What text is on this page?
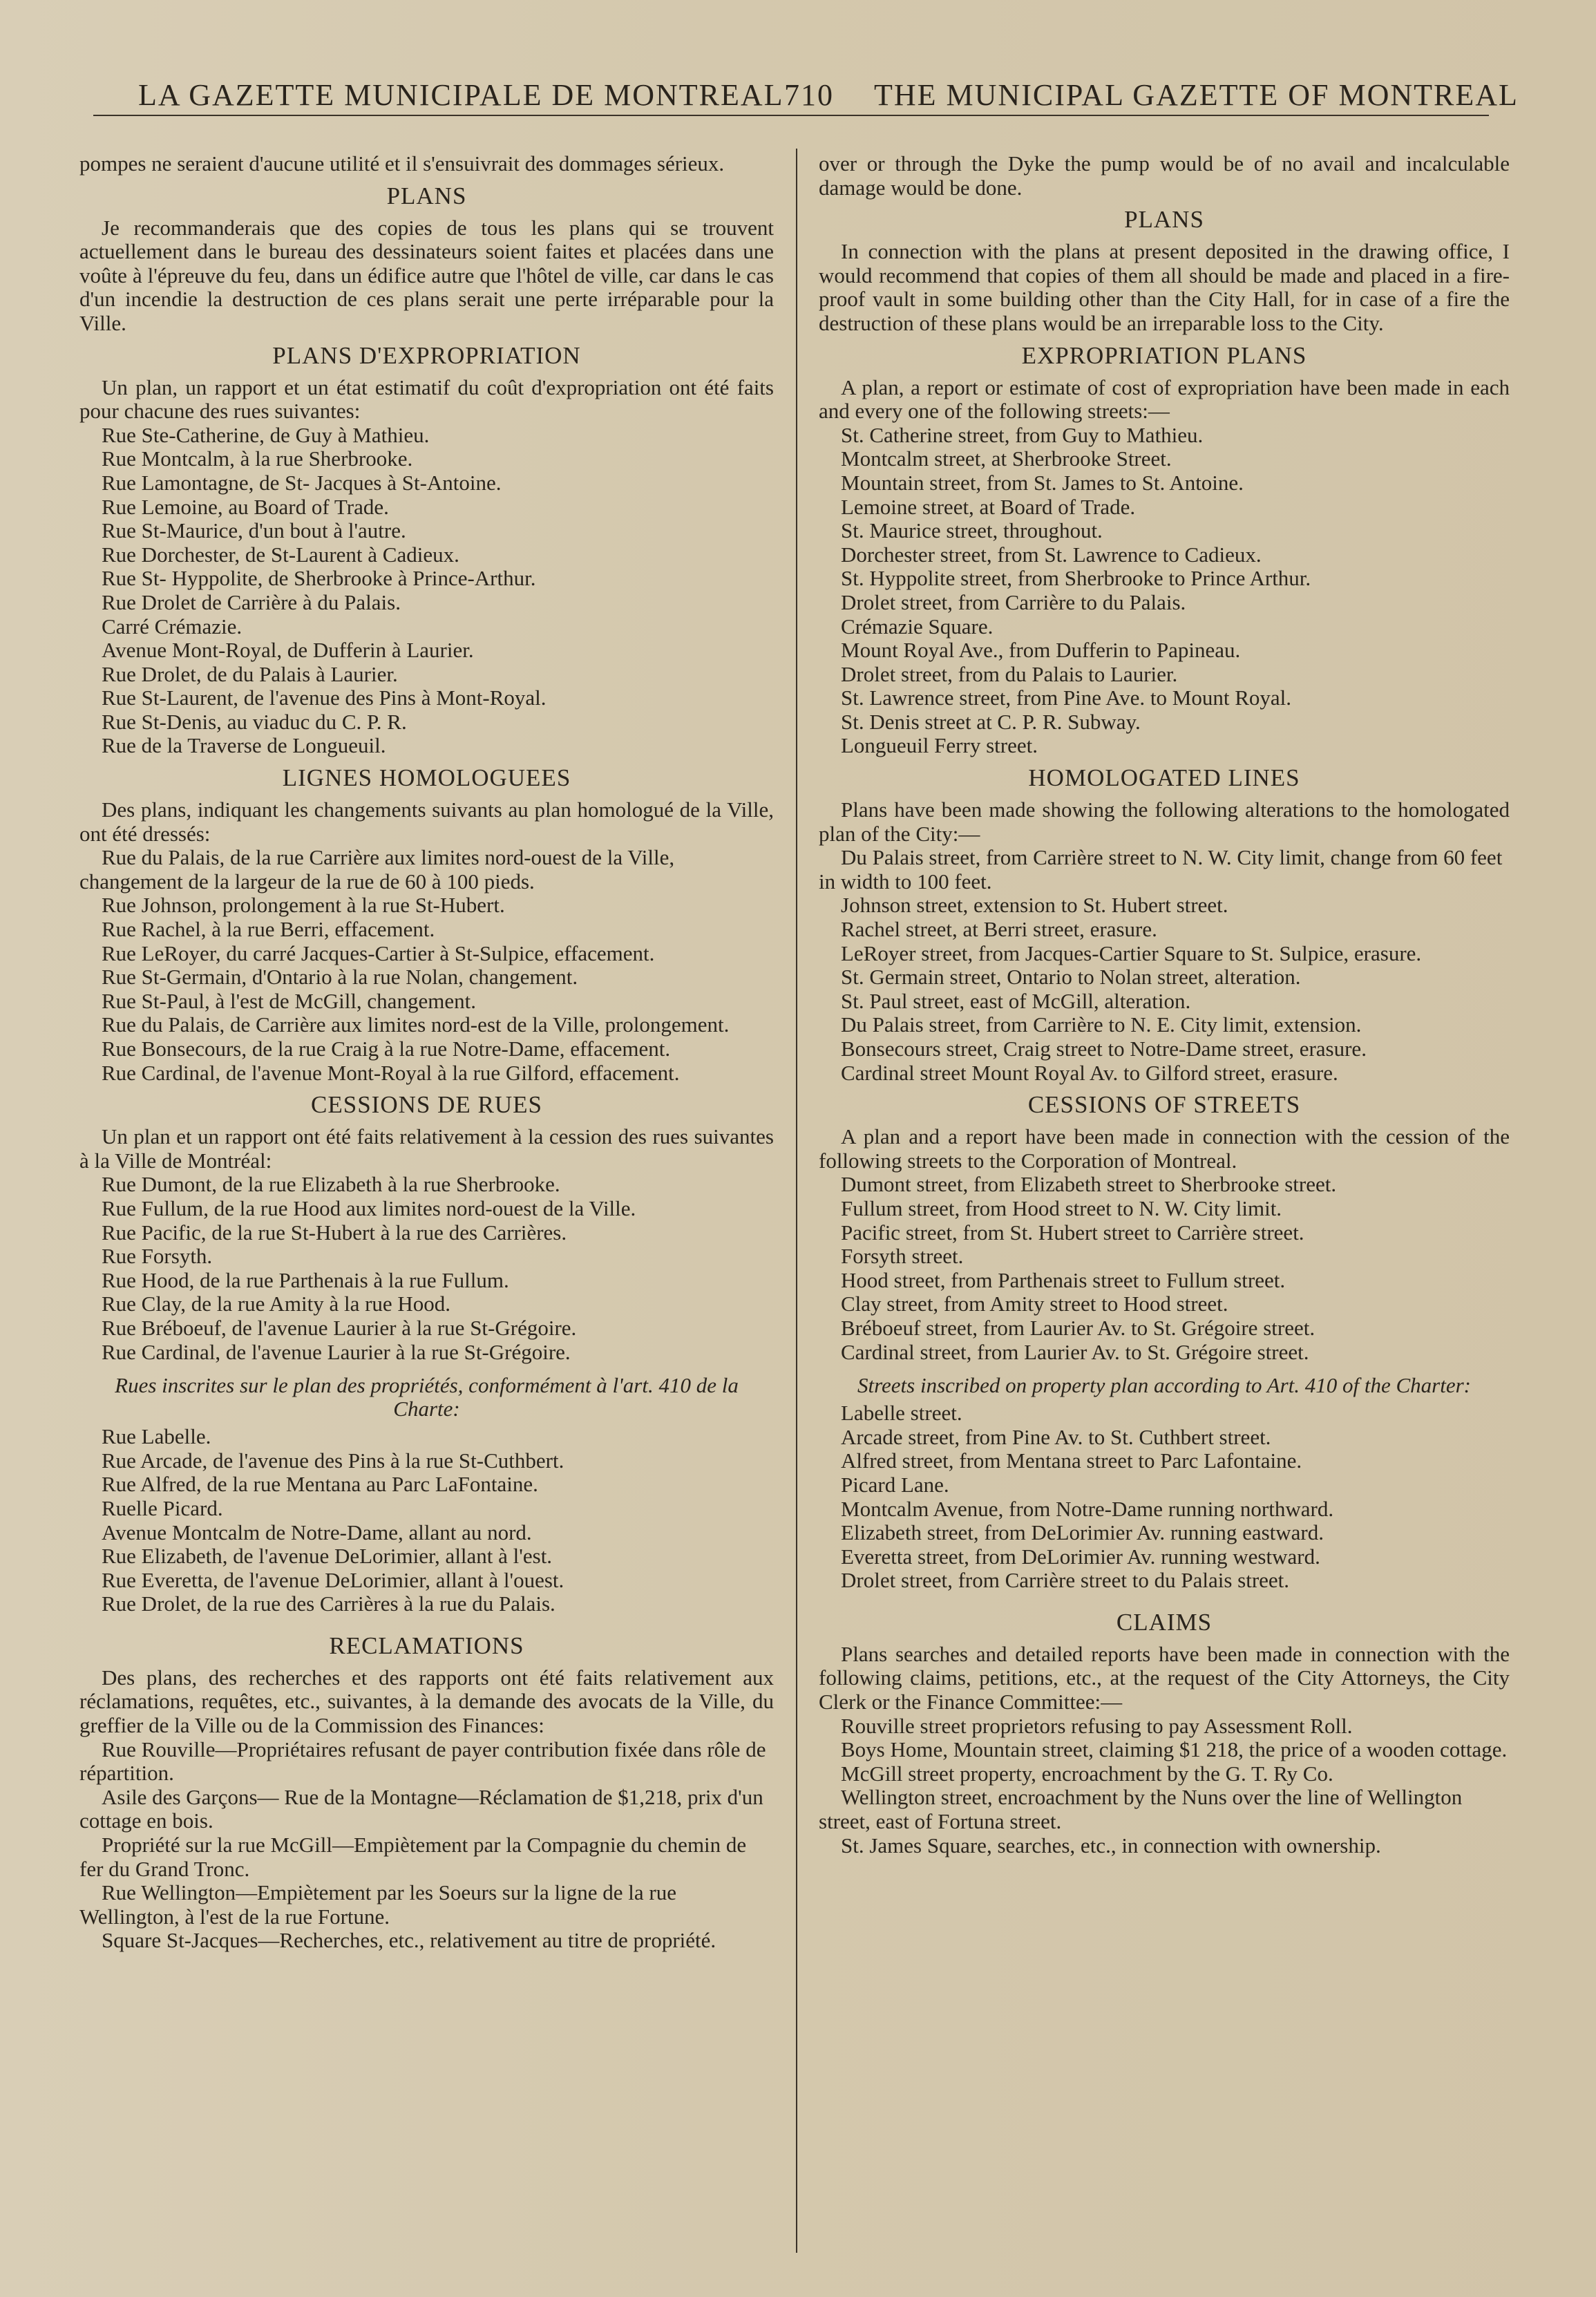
LA GAZETTE MUNICIPALE DE MONTREAL 710 THE MUNICIPAL GAZETTE OF MONTREAL

pompes ne seraient d'aucune utilité et il s'ensuivrait des dommages sérieux.

PLANS

Je recommanderais que des copies de tous les plans qui se trouvent actuellement dans le bureau des dessinateurs soient faites et placées dans une voûte à l'épreuve du feu, dans un édifice autre que l'hôtel de ville, car dans le cas d'un incendie la destruction de ces plans serait une perte irréparable pour la Ville.

PLANS D'EXPROPRIATION

Un plan, un rapport et un état estimatif du coût d'expropriation ont été faits pour chacune des rues suivantes:

Rue Ste-Catherine, de Guy à Mathieu.
Rue Montcalm, à la rue Sherbrooke.
Rue Lamontagne, de St- Jacques à St-Antoine.
Rue Lemoine, au Board of Trade.
Rue St-Maurice, d'un bout à l'autre.
Rue Dorchester, de St-Laurent à Cadieux.
Rue St- Hyppolite, de Sherbrooke à Prince-Arthur.
Rue Drolet de Carrière à du Palais.
Carré Crémazie.
Avenue Mont-Royal, de Dufferin à Laurier.
Rue Drolet, de du Palais à Laurier.
Rue St-Laurent, de l'avenue des Pins à Mont-Royal.
Rue St-Denis, au viaduc du C. P. R.
Rue de la Traverse de Longueuil.
LIGNES HOMOLOGUEES

Des plans, indiquant les changements suivants au plan homologué de la Ville, ont été dressés:

Rue du Palais, de la rue Carrière aux limites nord-ouest de la Ville, changement de la largeur de la rue de 60 à 100 pieds.
Rue Johnson, prolongement à la rue St-Hubert.
Rue Rachel, à la rue Berri, effacement.
Rue LeRoyer, du carré Jacques-Cartier à St-Sulpice, effacement.
Rue St-Germain, d'Ontario à la rue Nolan, changement.
Rue St-Paul, à l'est de McGill, changement.
Rue du Palais, de Carrière aux limites nord-est de la Ville, prolongement.
Rue Bonsecours, de la rue Craig à la rue Notre-Dame, effacement.
Rue Cardinal, de l'avenue Mont-Royal à la rue Gilford, effacement.
CESSIONS DE RUES

Un plan et un rapport ont été faits relativement à la cession des rues suivantes à la Ville de Montréal:

Rue Dumont, de la rue Elizabeth à la rue Sherbrooke.
Rue Fullum, de la rue Hood aux limites nord-ouest de la Ville.
Rue Pacific, de la rue St-Hubert à la rue des Carrières.
Rue Forsyth.
Rue Hood, de la rue Parthenais à la rue Fullum.
Rue Clay, de la rue Amity à la rue Hood.
Rue Bréboeuf, de l'avenue Laurier à la rue St-Grégoire.
Rue Cardinal, de l'avenue Laurier à la rue St-Grégoire.
Rues inscrites sur le plan des propriétés, conformément à l'art. 410 de la Charte:
Rue Labelle.
Rue Arcade, de l'avenue des Pins à la rue St-Cuthbert.
Rue Alfred, de la rue Mentana au Parc LaFontaine.
Ruelle Picard.
Avenue Montcalm de Notre-Dame, allant au nord.
Rue Elizabeth, de l'avenue DeLorimier, allant à l'est.
Rue Everetta, de l'avenue DeLorimier, allant à l'ouest.
Rue Drolet, de la rue des Carrières à la rue du Palais.
RECLAMATIONS

Des plans, des recherches et des rapports ont été faits relativement aux réclamations, requêtes, etc., suivantes, à la demande des avocats de la Ville, du greffier de la Ville ou de la Commission des Finances:

Rue Rouville—Propriétaires refusant de payer contribution fixée dans rôle de répartition.
Asile des Garçons— Rue de la Montagne—Réclamation de $1,218, prix d'un cottage en bois.
Propriété sur la rue McGill—Empiètement par la Compagnie du chemin de fer du Grand Tronc.
Rue Wellington—Empiètement par les Soeurs sur la ligne de la rue Wellington, à l'est de la rue Fortune.
Square St-Jacques—Recherches, etc., relativement au titre de propriété.

over or through the Dyke the pump would be of no avail and incalculable damage would be done.

PLANS

In connection with the plans at present deposited in the drawing office, I would recommend that copies of them all should be made and placed in a fire-proof vault in some building other than the City Hall, for in case of a fire the destruction of these plans would be an irreparable loss to the City.

EXPROPRIATION PLANS

A plan, a report or estimate of cost of expropriation have been made in each and every one of the following streets:—

St. Catherine street, from Guy to Mathieu.
Montcalm street, at Sherbrooke Street.
Mountain street, from St. James to St. Antoine.
Lemoine street, at Board of Trade.
St. Maurice street, throughout.
Dorchester street, from St. Lawrence to Cadieux.
St. Hyppolite street, from Sherbrooke to Prince Arthur.
Drolet street, from Carrière to du Palais.
Crémazie Square.
Mount Royal Ave., from Dufferin to Papineau.
Drolet street, from du Palais to Laurier.
St. Lawrence street, from Pine Ave. to Mount Royal.
St. Denis street at C. P. R. Subway.
Longueuil Ferry street.
HOMOLOGATED LINES

Plans have been made showing the following alterations to the homologated plan of the City:—

Du Palais street, from Carrière street to N. W. City limit, change from 60 feet in width to 100 feet.
Johnson street, extension to St. Hubert street.
Rachel street, at Berri street, erasure.
LeRoyer street, from Jacques-Cartier Square to St. Sulpice, erasure.
St. Germain street, Ontario to Nolan street, alteration.
St. Paul street, east of McGill, alteration.
Du Palais street, from Carrière to N. E. City limit, extension.
Bonsecours street, Craig street to Notre-Dame street, erasure.
Cardinal street Mount Royal Av. to Gilford street, erasure.
CESSIONS OF STREETS

A plan and a report have been made in connection with the cession of the following streets to the Corporation of Montreal.

Dumont street, from Elizabeth street to Sherbrooke street.
Fullum street, from Hood street to N. W. City limit.
Pacific street, from St. Hubert street to Carrière street.
Forsyth street.
Hood street, from Parthenais street to Fullum street.
Clay street, from Amity street to Hood street.
Bréboeuf street, from Laurier Av. to St. Grégoire street.
Cardinal street, from Laurier Av. to St. Grégoire street.
Streets inscribed on property plan according to Art. 410 of the Charter:
Labelle street.
Arcade street, from Pine Av. to St. Cuthbert street.
Alfred street, from Mentana street to Parc Lafontaine.
Picard Lane.
Montcalm Avenue, from Notre-Dame running northward.
Elizabeth street, from DeLorimier Av. running eastward.
Everetta street, from DeLorimier Av. running westward.
Drolet street, from Carrière street to du Palais street.
CLAIMS

Plans searches and detailed reports have been made in connection with the following claims, petitions, etc., at the request of the City Attorneys, the City Clerk or the Finance Committee:—

Rouville street proprietors refusing to pay Assessment Roll.
Boys Home, Mountain street, claiming $1 218, the price of a wooden cottage.
McGill street property, encroachment by the G. T. Ry Co.
Wellington street, encroachment by the Nuns over the line of Wellington street, east of Fortuna street.
St. James Square, searches, etc., in connection with ownership.
